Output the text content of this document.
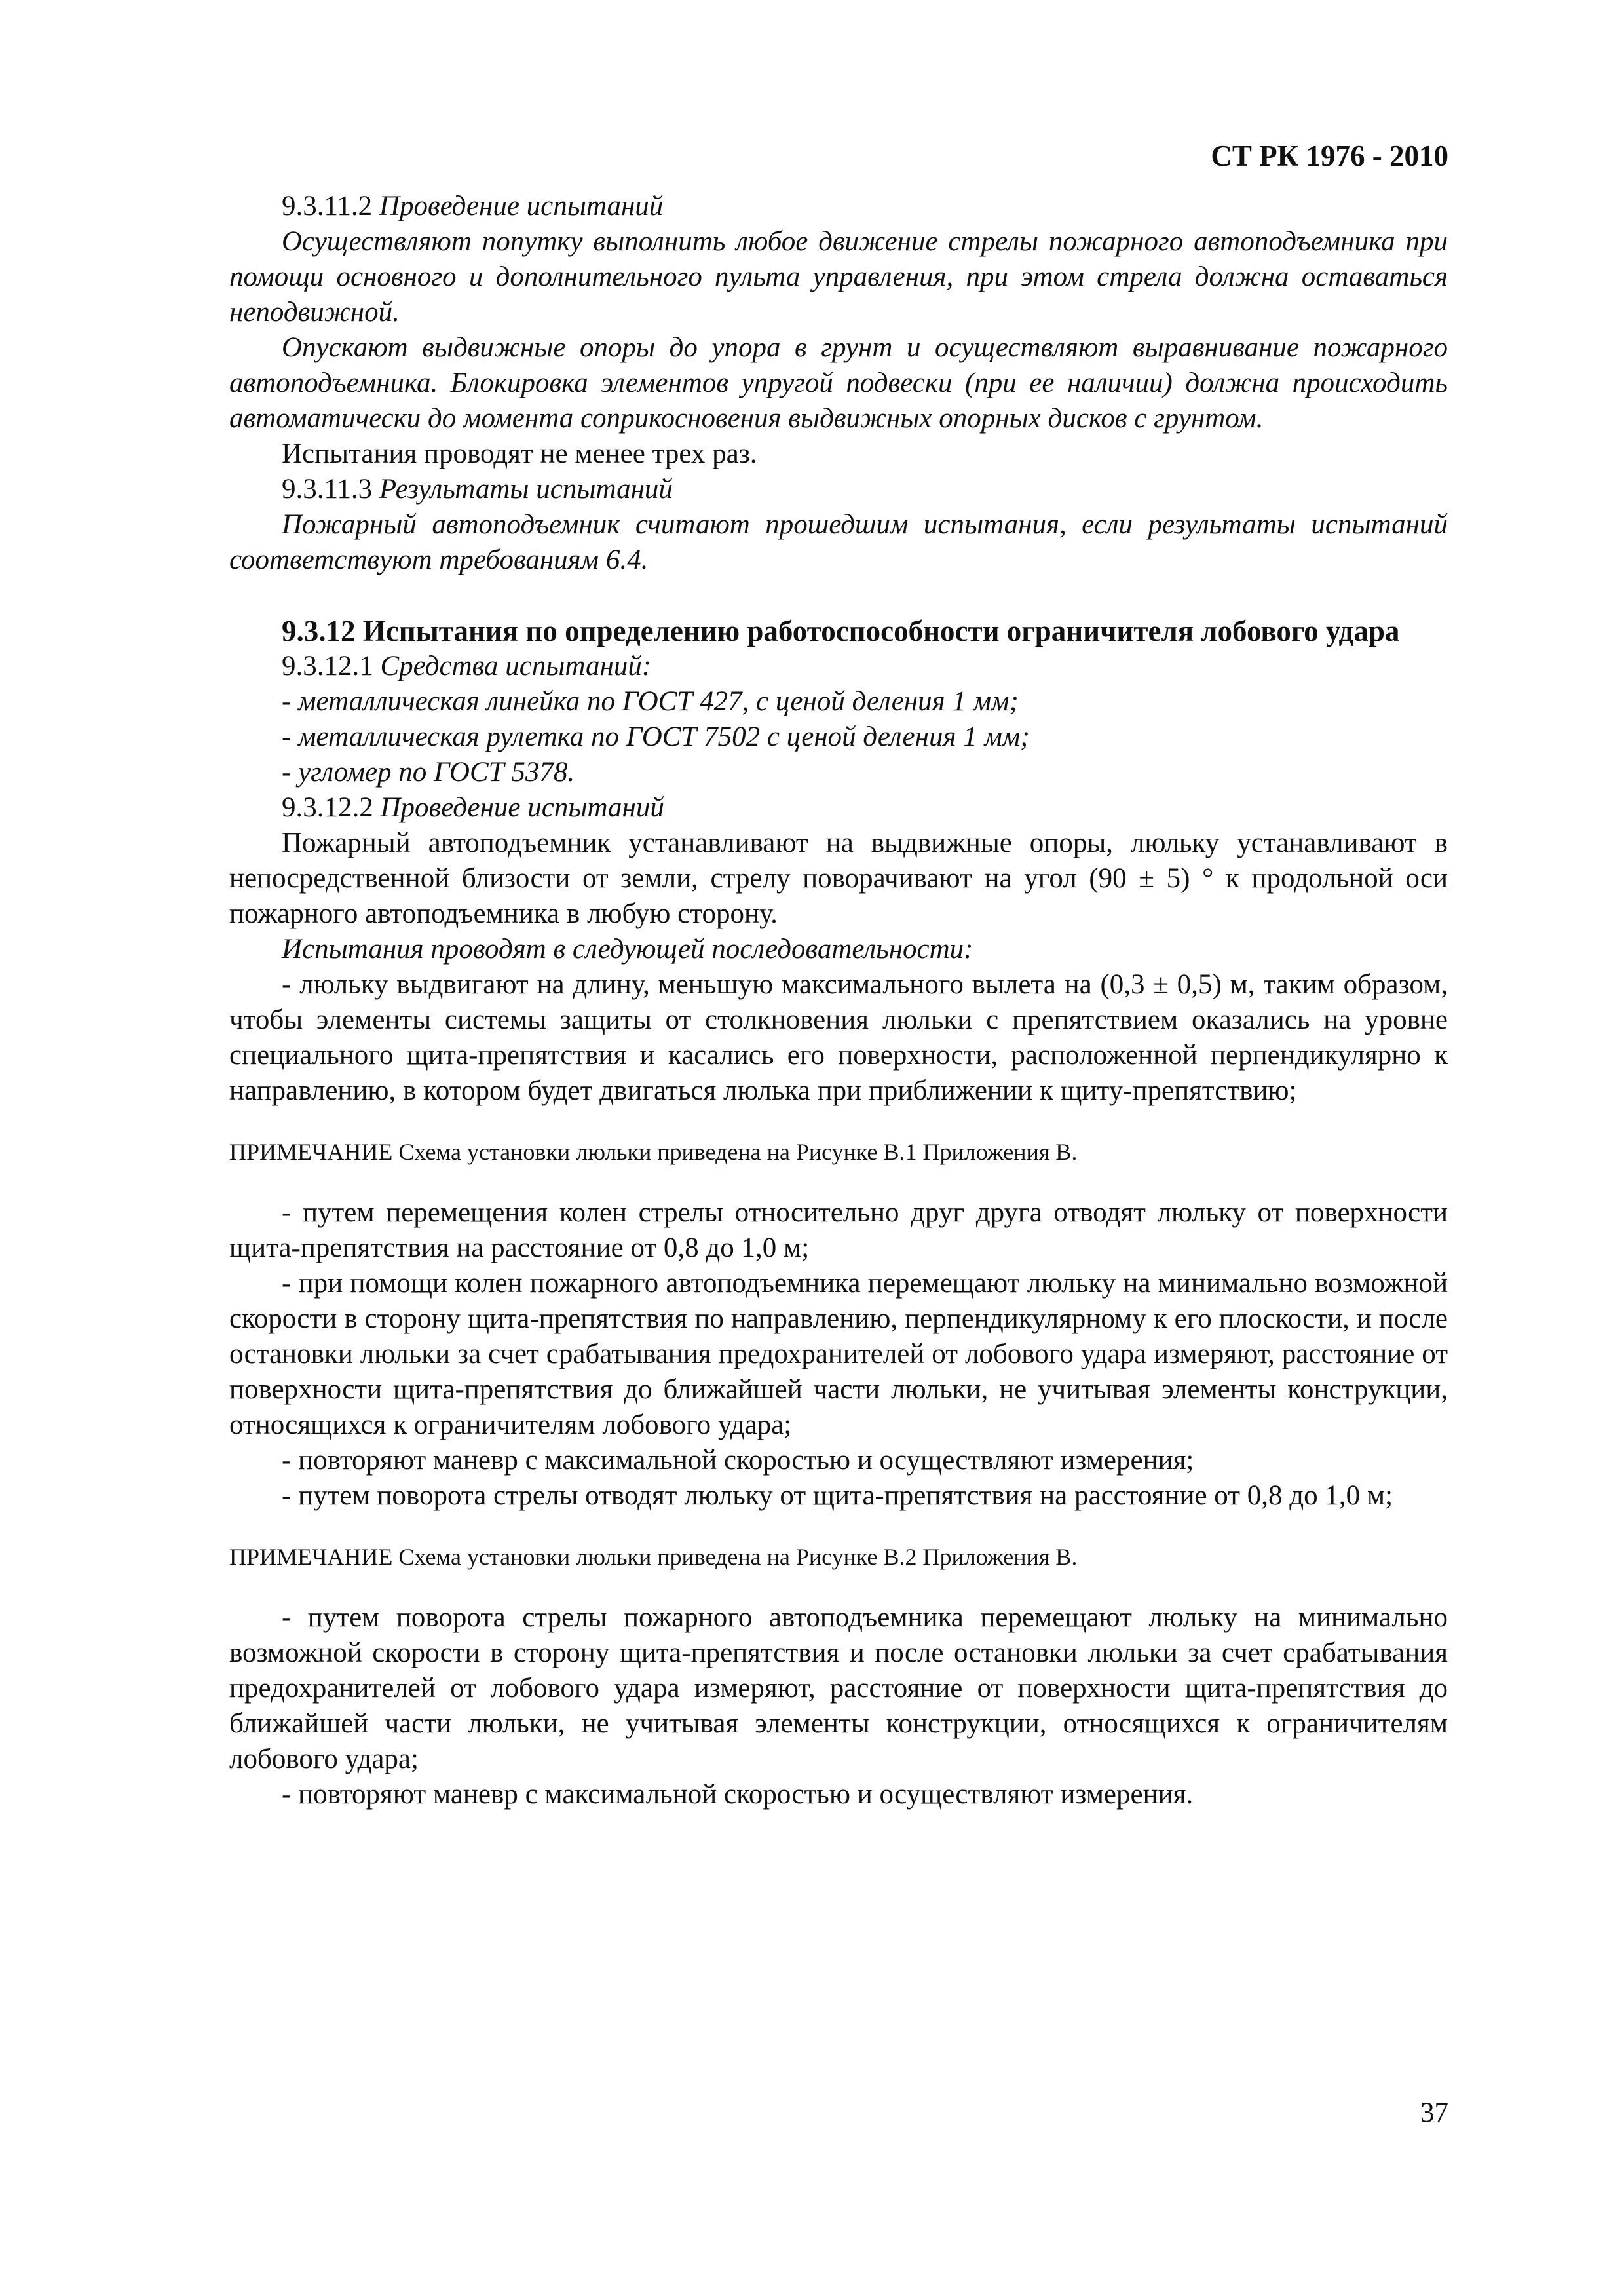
СТ РК 1976 - 2010

9.3.11.2 Проведение испытаний

Осуществляют попутку выполнить любое движение стрелы пожарного автоподъемника при помощи основного и дополнительного пульта управления, при этом стрела должна оставаться неподвижной.

Опускают выдвижные опоры до упора в грунт и осуществляют выравнивание пожарного автоподъемника. Блокировка элементов упругой подвески (при ее наличии) должна происходить автоматически до момента соприкосновения выдвижных опорных дисков с грунтом.

Испытания проводят не менее трех раз.

9.3.11.3 Результаты испытаний

Пожарный автоподъемник считают прошедшим испытания, если результаты испытаний соответствуют требованиям 6.4.

9.3.12 Испытания по определению работоспособности ограничителя лобового удара

9.3.12.1 Средства испытаний:

- металлическая линейка по ГОСТ 427, с ценой деления 1 мм;

- металлическая рулетка по ГОСТ 7502 с ценой деления 1 мм;

- угломер по ГОСТ 5378.

9.3.12.2 Проведение испытаний

Пожарный автоподъемник устанавливают на выдвижные опоры, люльку устанавливают в непосредственной близости от земли, стрелу поворачивают на угол (90 ± 5) ° к продольной оси пожарного автоподъемника в любую сторону.

Испытания проводят в следующей последовательности:

- люльку выдвигают на длину, меньшую максимального вылета на (0,3 ± 0,5) м, таким образом, чтобы элементы системы защиты от столкновения люльки с препятствием оказались на уровне специального щита-препятствия и касались его поверхности, расположенной перпендикулярно к направлению, в котором будет двигаться люлька при приближении к щиту-препятствию;

ПРИМЕЧАНИЕ Схема установки люльки приведена на Рисунке В.1 Приложения В.

- путем перемещения колен стрелы относительно друг друга отводят люльку от поверхности щита-препятствия на расстояние от 0,8 до 1,0 м;

- при помощи колен пожарного автоподъемника перемещают люльку на минимально возможной скорости в сторону щита-препятствия по направлению, перпендикулярному к его плоскости, и после остановки люльки за счет срабатывания предохранителей от лобового удара измеряют, расстояние от поверхности щита-препятствия до ближайшей части люльки, не учитывая элементы конструкции, относящихся к ограничителям лобового удара;

- повторяют маневр с максимальной скоростью и осуществляют измерения;

- путем поворота стрелы отводят люльку от щита-препятствия на расстояние от 0,8 до 1,0 м;

ПРИМЕЧАНИЕ Схема установки люльки приведена на Рисунке В.2 Приложения В.

- путем поворота стрелы пожарного автоподъемника перемещают люльку на минимально возможной скорости в сторону щита-препятствия и после остановки люльки за счет срабатывания предохранителей от лобового удара измеряют, расстояние от поверхности щита-препятствия до ближайшей части люльки, не учитывая элементы конструкции, относящихся к ограничителям лобового удара;

- повторяют маневр с максимальной скоростью и осуществляют измерения.

37
